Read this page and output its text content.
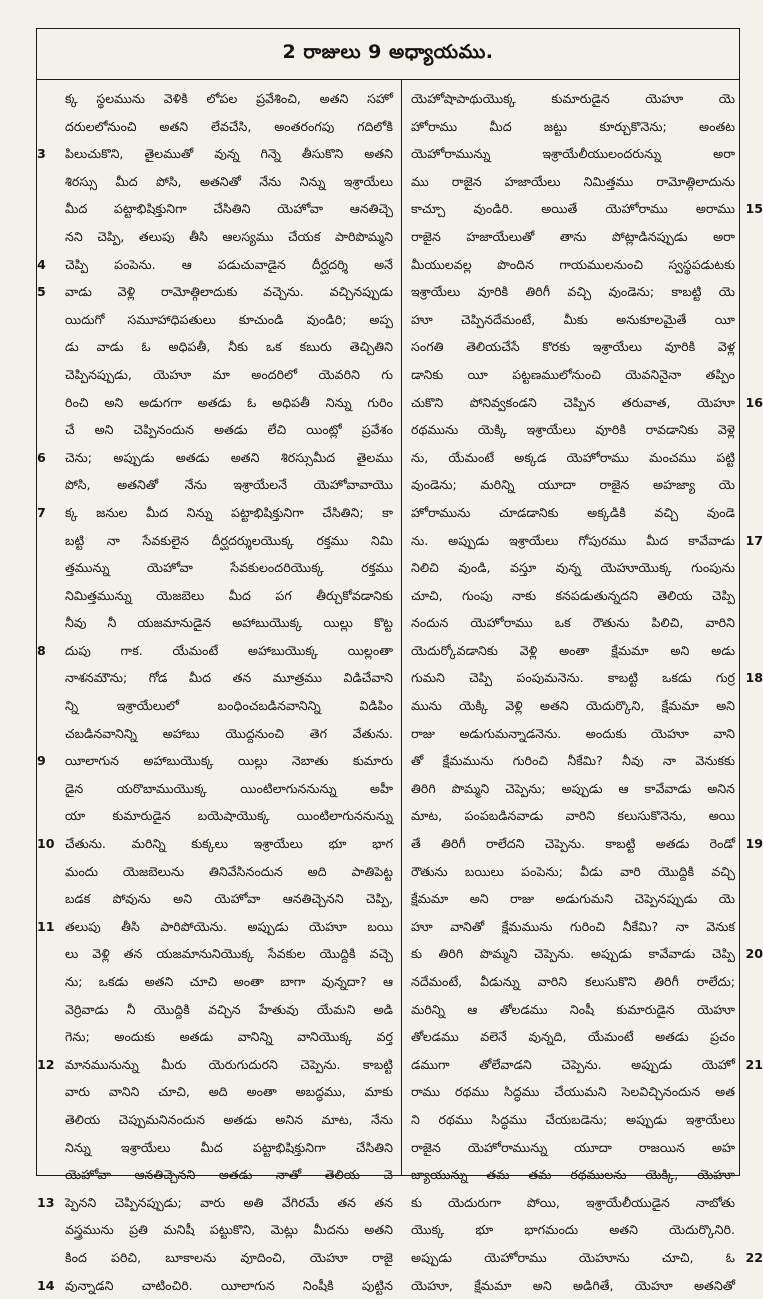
2 రాజులు 9 అధ్యాయము.
క్క స్థలమును వెళికి లోపల ప్రవేశించి, అతని సహో
దరులలోనుంచి అతని లేవచేసి, అంతరంగపు గదిలోకి
3 పిలుచుకొని, తైలముతో వున్న గిన్నె తీసుకొని అతని
శిరస్సు మీద పోసి, అతనితో నేను నిన్ను ఇశ్రాయేలు
మీద పట్టాభిషిక్తునిగా చేసితిని యెహోవా ఆనతిచ్చె
నని చెప్పి, తలుపు తీసి ఆలస్యము చేయక పారిపొమ్మని
4 చెప్పి పంపెను. ఆ పడుచువాడైన దీర్ఘదర్శి అనే
5 వాడు వెళ్లి రామోత్గిలాదుకు వచ్చెను. వచ్చినప్పుడు
యిదుగో సమూహాధిపతులు కూచుండి వుండిరి; అప్ప
డు వాడు ఓ అధిపతీ, నీకు ఒక కబురు తెచ్చితిని
చెప్పినప్పుడు, యెహూ మా అందరిలో యెవరిని గు
రించి అని అడుగగా అతడు ఓ అధిపతీ నిన్ను గురిం
చే అని చెప్పినందున అతడు లేచి యింట్లో ప్రవేశం
6 చెను; అప్పుడు అతడు అతని శిరస్సుమీద తైలము
పోసి, అతనితో నేను ఇశ్రాయేలనే యెహోవావాయొ
7 క్క జనుల మీద నిన్ను పట్టాభిషిక్తునిగా చేసితిని; కా
బట్టి నా సేవకులైన దీర్ఘదర్శులయొక్క రక్తము నిమి
త్తమున్ను యెహోవా సేవకులందరియొక్క రక్తము
నిమిత్తమున్ను యెజబెలు మీద పగ తీర్చుకోవడానికు
నీవు నీ యజమానుడైన అహాబుయొక్క యిల్లు కొట్ట
8 దుపు గాక. యేమంటే అహాబుయొక్క యిల్లంతా
నాశనమౌను; గోడ మీద తన మూత్రము విడిచేవాని
న్ని ఇశ్రాయేలులో బంధించబడినవానిన్ని విడిపిం
చబడినవానిన్ని అహాబు యొద్దనుంచి తెగ వేతును.
9 యీలాగున అహాబుయొక్క యిల్లు నెబాతు కుమారు
డైన యరొబాముయొక్క యింటిలాగుననున్ను అహీ
యా కుమారుడైన బయెషాయొక్క యింటిలాగుననున్ను
10 చేతును. మరిన్ని కుక్కలు ఇశ్రాయేలు భూ భాగ
మందు యెజబెలును తినివేసినందున అది పాతిపెట్ట
బడక పోవును అని యెహోవా ఆనతిచ్చెనని చెప్పి,
11 తలుపు తీసి పారిపోయెను. అప్పుడు యెహూ బయి
లు వెళ్లి తన యజమానునియొక్క సేవకుల యొద్దికి వచ్చె
ను; ఒకడు అతని చూచి అంతా బాగా వున్నదా? ఆ
వెర్రివాడు నీ యొద్దికి వచ్చిన హేతువు యేమని అడి
గెను; అందుకు అతడు వానిన్ని వానియొక్క వర్త
12 మానమునున్ను మీరు యెరుగుదురని చెప్పెను. కాబట్టి
వారు వానిని చూచి, అది అంతా అబద్ధము, మాకు
తెలియ చెప్పుమనినందున అతడు అనిన మాట, నేను
నిన్ను ఇశ్రాయేలు మీద పట్టాభిషిక్తునిగా చేసితిని
యెహోవా ఆనతిచ్చెనని అతడు నాతో తెలియ చె
13 ప్పెనని చెప్పినప్పుడు; వారు అతి వేగిరమే తన తన
వస్త్రమును ప్రతి మనిషీ పట్టుకొని, మెట్లు మీదను అతని
కింద పరిచి, బూకాలను వూదించి, యెహూ రాజై
14 వున్నాడని చాటించిరి. యీలాగున నింషీకి పుట్టిన
యెహోషాపాథుయొక్క కుమారుడైన యెహూ యె
హోరాము మీద జట్టు కూర్చుకొనెను; అంతట
యెహోరామున్ను ఇశ్రాయేలీయులందరున్ను అరా
ము రాజైన హజాయేలు నిమిత్తము రామోత్గిలాదును
15
కాచ్చూ వుండిరి. అయితే యెహోరాము అరాము
రాజైన హజాయేలుతో తాను పోట్లాడినప్పుడు అరా
మీయులవల్ల పొందిన గాయములనుంచి స్వస్థపడుటకు
ఇశ్రాయేలు వూరికి తిరిగీ వచ్చి వుండెను; కాబట్టి యె
హూ చెప్పినదేమంటే, మీకు అనుకూలమైతే యీ
సంగతి తెలియచేసే కొరకు ఇశ్రాయేలు వూరికి వెళ్ల
డానికు యీ పట్టణములోనుంచి యెవనినైనా తప్పిం
16
చుకొని పోనివ్వకండని చెప్పిన తరువాత, యెహూ
రథమును యెక్కి ఇశ్రాయేలు వూరికి రావడానికు వెళ్లె
ను, యేమంటే అక్కడ యెహోరాము మంచము పట్టి
వుండెను; మరిన్ని యూదా రాజైన అహజ్యా యె
హోరామును చూడడానికు అక్కడికి వచ్చి వుండె
17
ను. అప్పుడు ఇశ్రాయేలు గోపురము మీద కావేవాడు
నిలిచి వుండి, వస్తూ వున్న యెహూయొక్క గుంపును
చూచి, గుంపు నాకు కనపడుతున్నదని తెలియ చెప్పి
నందున యెహోరాము ఒక రౌతును పిలిచి, వారిని
యెదుర్కోవడానికు వెళ్లి అంతా క్షేమమా అని అడు
18
గుమని చెప్పి పంపుమనెను. కాబట్టి ఒకడు గుర్ర
మును యెక్కి వెళ్లి అతని యెదుర్కొని, క్షేమమా అని
రాజు అడుగుమన్నాడనెను. అందుకు యెహూ వాని
తో క్షేమమును గురించి నీకేమి? నీవు నా వెనుకకు
తిరిగి పొమ్మని చెప్పెను; అప్పుడు ఆ కావేవాడు అనిన
మాట, పంపబడినవాడు వారిని కలుసుకొనెను, అయి
19
తే తిరిగీ రాలేదని చెప్పెను. కాబట్టి అతడు రెండో
రౌతును బయిలు పంపెను; వీడు వారి యొద్దికి వచ్చి
క్షేమమా అని రాజు అడుగుమని చెప్పెనప్పుడు యె
హూ వానితో క్షేమమును గురించి నీకేమి? నా వెనుక
20
కు తిరిగి పొమ్మని చెప్పెను. అప్పుడు కావేవాడు చెప్పి
నదేమంటే, వీడున్ను వారిని కలుసుకొని తిరిగీ రాలేదు;
మరిన్ని ఆ తోలడము నింషీ కుమారుడైన యెహూ
తోలడము వలెనే వున్నది, యేమంటే అతడు ప్రచం
21
డముగా తోలేవాడని చెప్పెను. అప్పుడు యెహో
రాము రథము సిద్ధము చేయుమని సెలవిచ్చినందున అత
ని రథము సిద్ధము చేయబడెను; అప్పుడు ఇశ్రాయేలు
రాజైన యెహోరామున్ను యూదా రాజయిన అహ
జ్యాయున్ను తమ తమ రథములను యెక్కి, యెహూ
కు యెదురుగా పోయి, ఇశ్రాయేలీయుడైన నాబోతు
యొక్క భూ భాగమందు అతని యెదుర్కొనిరి.
22
అప్పుడు యెహోరాము యెహూను చూచి, ఓ
యెహూ, క్షేమమా అని అడిగితే, యెహూ అతనితో
